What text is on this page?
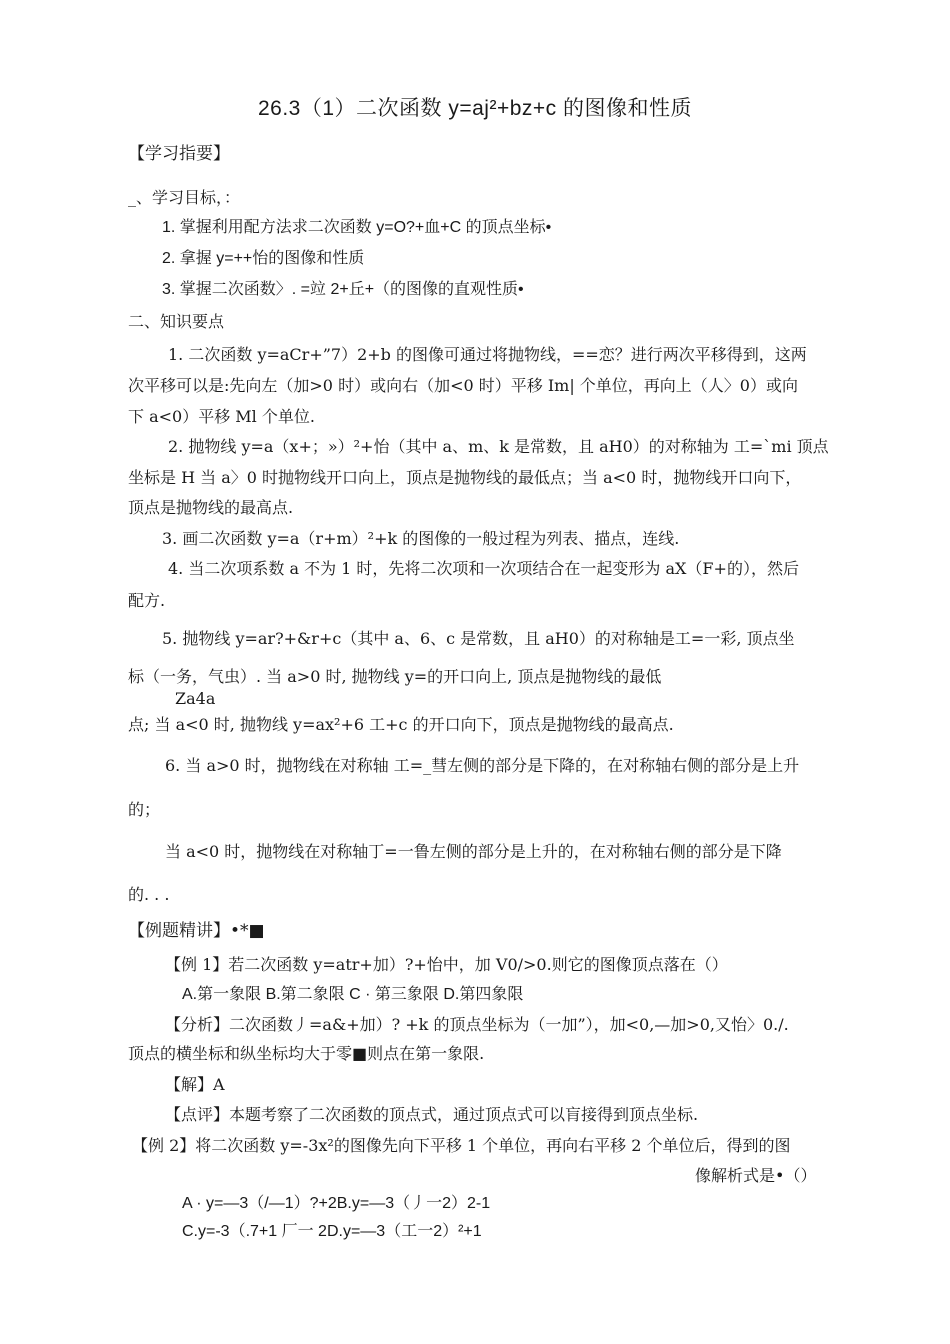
26.3（1）二次函数 y=aj²+bz+c 的图像和性质
【学习指要】
_、学习目标，：
1. 掌握利用配方法求二次函数 y=O?+血+C 的顶点坐标•
2. 拿握 y=++怡的图像和性质
3. 掌握二次函数〉. =竝 2+丘+（的图像的直观性质•
二、知识要点
1. 二次函数 y=aCr+”7）2+b 的图像可通过将抛物线，==恋？进行两次平移得到，这两
次平移可以是:先向左（加>0 时）或向右（加<0 时）平移 Im| 个单位，再向上（人〉0）或向
下 a<0）平移 Ml 个单位.
2. 抛物线 y=a（x+；»）²+怡（其中 a、m、k 是常数，且 aH0）的对称轴为 工=ˋmi 顶点
坐标是 H 当 a〉0 时抛物线开口向上，顶点是抛物线的最低点；当 a<0 时，抛物线开口向下，
顶点是抛物线的最高点.
3. 画二次函数 y=a（r+m）²+k 的图像的一般过程为列表、描点，连线.
4. 当二次项系数 a 不为 1 时，先将二次项和一次项结合在一起变形为 aX（F+的），然后
配方.
5. 抛物线 y=ar?+&r+c（其中 a、6、c 是常数，且 aH0）的对称轴是工=一彩, 顶点坐
标（一务，气虫）. 当 a>0 时, 抛物线 y=的开口向上, 顶点是抛物线的最低
Za4a
点; 当 a<0 时, 抛物线 y=ax²+6 工+c 的开口向下，顶点是抛物线的最高点.
6. 当 a>0 时，抛物线在对称轴 工=_彗左侧的部分是下降的，在对称轴右侧的部分是上升
的；
当 a<0 时，抛物线在对称轴丁=一鲁左侧的部分是上升的，在对称轴右侧的部分是下降
的. . .
【例题精讲】•*■
【例 1】若二次函数 y=atr+加）?+怡中，加 V0/>0.则它的图像顶点落在（）
A.第一象限 B.第二象限 C · 第三象限 D.第四象限
【分析】二次函数丿=a&+加）? +k 的顶点坐标为（一加”），加<0,—加>0,又怡〉0./.
顶点的横坐标和纵坐标均大于零■则点在第一象限.
【解】A
【点评】本题考察了二次函数的顶点式，通过顶点式可以肓接得到顶点坐标.
【例 2】将二次函数 y=-3x²的图像先向下平移 1 个单位，再向右平移 2 个单位后，得到的图
像解析式是•（）
A · y=—3（/—1）?+2B.y=—3（丿一2）2-1
C.y=-3（.7+1 厂一 2D.y=—3（工一2）²+1
